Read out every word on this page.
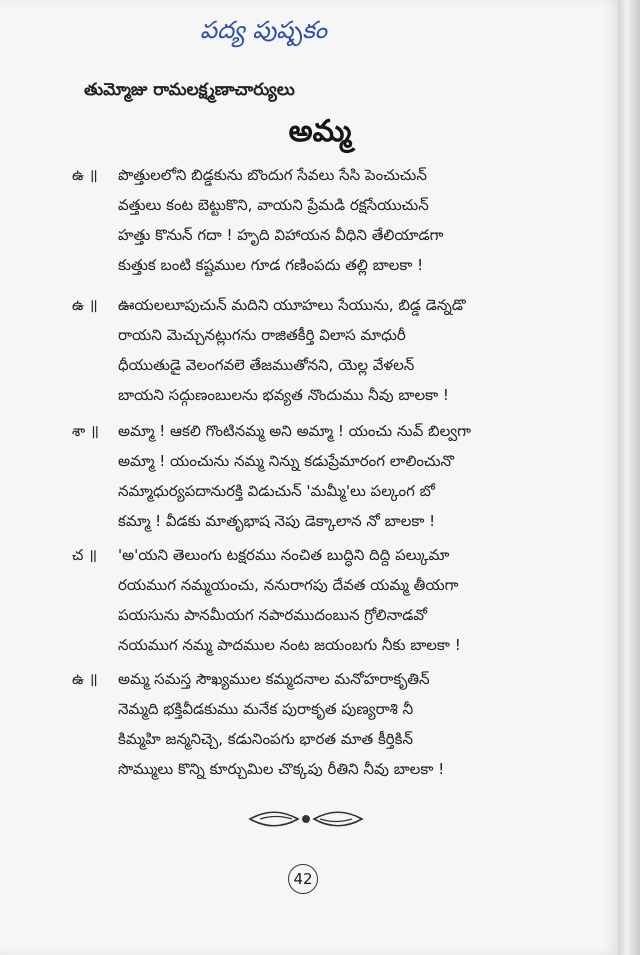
పద్య పుష్పకం
తుమ్మోజు రామలక్ష్మణాచార్యులు
అమ్మ
ఉ ॥	పొత్తులలోని బిడ్డకును బొందుగ సేవలు సేసి పెంచుచున్
వత్తులు కంట బెట్టుకొని, వాయని ప్రేమడి రక్షసేయుచున్
హత్తు కొనున్ గదా ! హృది విహాయన వీధిని తేలియాడగా
కుత్తుక బంటి కష్టముల గూడ గణింపదు తల్లి బాలకా !
ఉ ॥	ఊయలలూపుచున్ మదిని యూహలు సేయును, బిడ్డ డెన్నడొ
రాయని మెచ్చునట్లుగను రాజితకీర్తి విలాస మాధురీ
ధీయుతుడై వెలంగవలె తేజముతోనని, యెల్ల వేళలన్
బాయని సద్గుణంబులను భవ్యత నొందుము నీవు బాలకా !
శా ॥	అమ్మా ! ఆకలి గొంటినమ్మ అని అమ్మా ! యంచు నువ్ బిల్వగా
అమ్మా ! యంచును నమ్మ నిన్ను కడుప్రేమారంగ లాలించునొ
నమ్మాధుర్యపదానురక్తి విడుచున్ 'మమ్మీ'లు పల్కంగ బో
కమ్మా ! వీడకు మాతృభాష నెపు డెక్కాలాన నో బాలకా !
చ ॥	'అ'యని తెలుంగు టక్షరము నంచిత బుద్ధిని దిద్ది పల్కుమా
రయముగ నమ్మయంచు, ననురాగపు దేవత యమ్మ తీయగా
పయసును పానమీయగ నపారముదంబున గ్రోలినాడవో
నయముగ నమ్మ పాదముల నంట జయంబగు నీకు బాలకా !
ఉ ॥	అమ్మ సమస్త సౌఖ్యముల కమ్మదనాల మనోహరాకృతిన్
నెమ్మది భక్తివీడకుము మనేక పురాకృత పుణ్యరాశి నీ
కిమ్మహి జన్మనిచ్చె, కడునింపగు భారత మాత కీర్తికిన్
సొమ్ములు కొన్ని కూర్చుమిల చొక్కపు రీతిని నీవు బాలకా !
42
